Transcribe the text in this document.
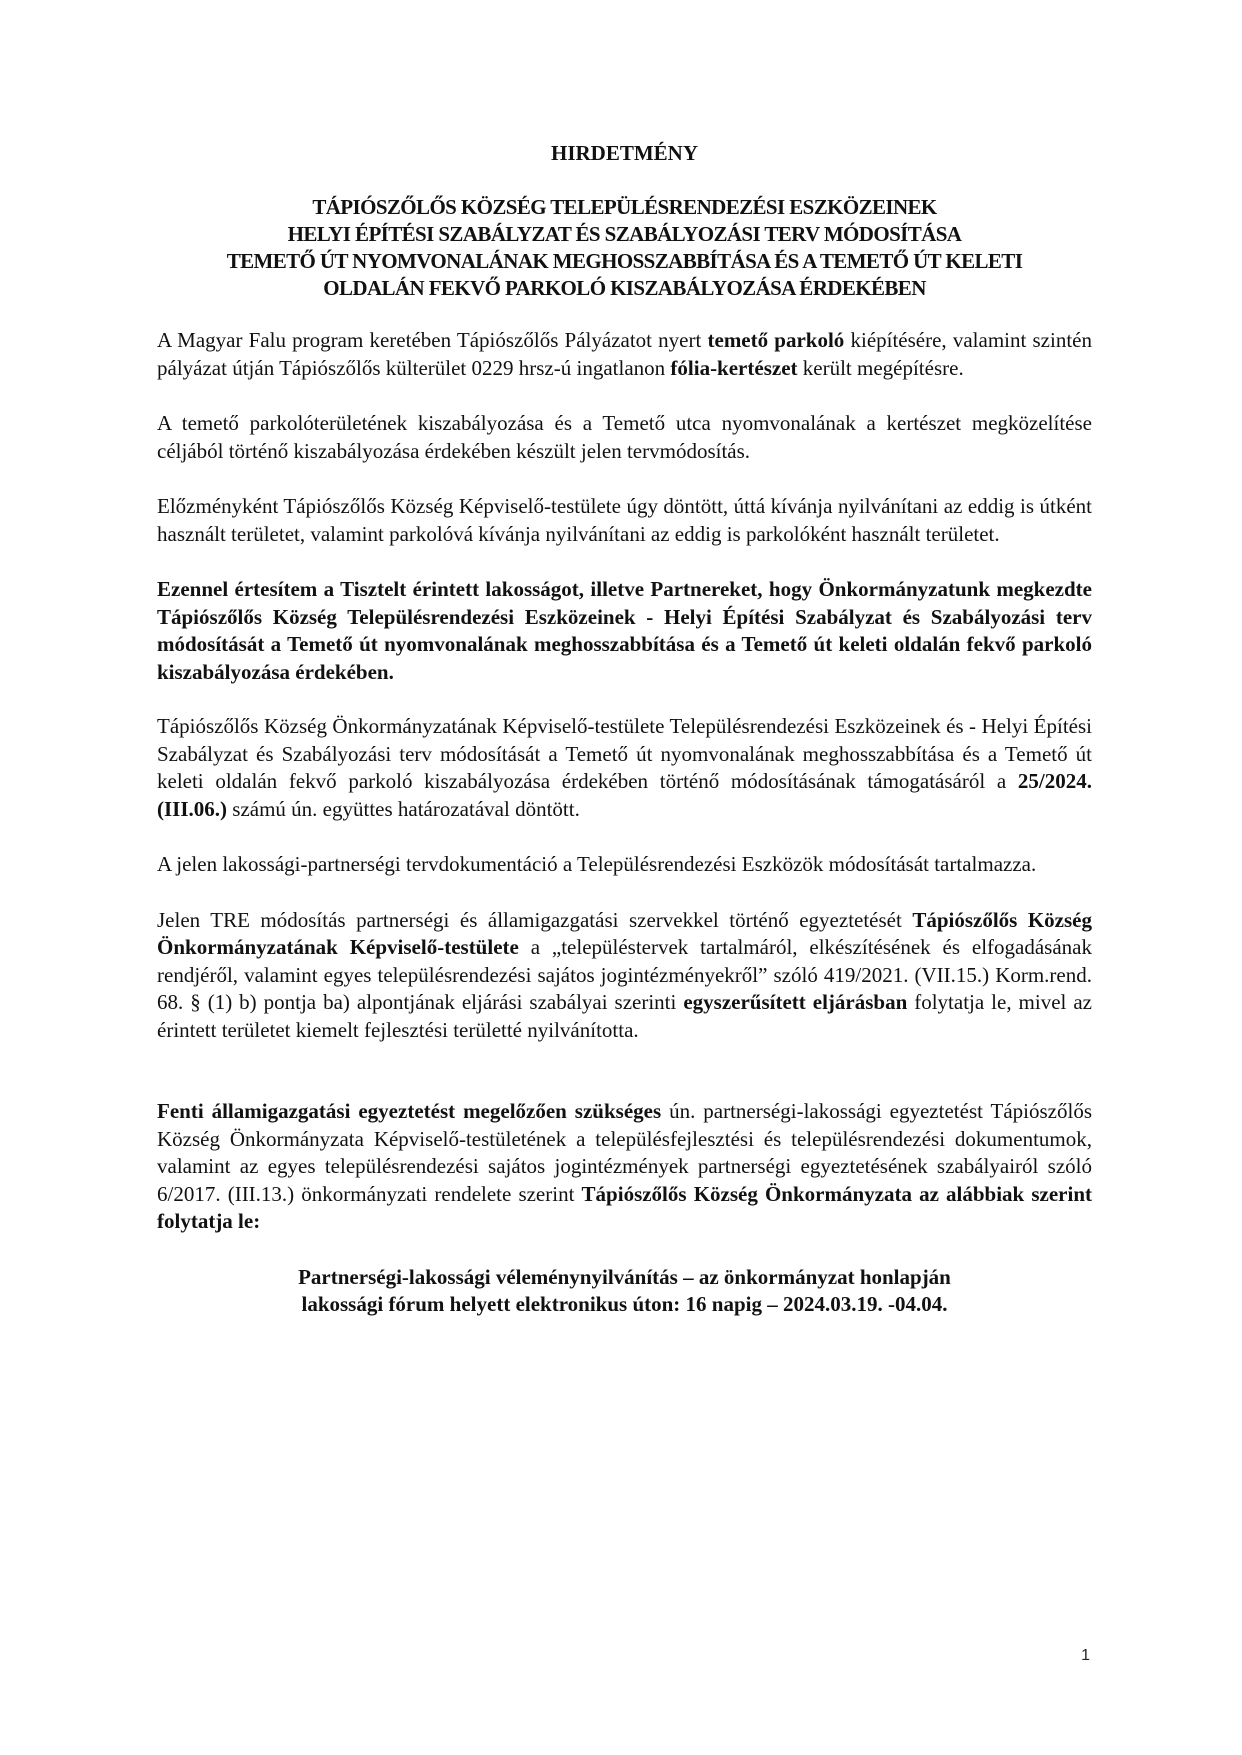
HIRDETMÉNY
TÁPIÓSZŐLŐS KÖZSÉG TELEPÜLÉSRENDEZÉSI ESZKÖZEINEK
HELYI ÉPÍTÉSI SZABÁLYZAT ÉS SZABÁLYOZÁSI TERV MÓDOSÍTÁSA
TEMETŐ ÚT NYOMVONALÁNAK MEGHOSSZABBÍTÁSA ÉS A TEMETŐ ÚT KELETI
OLDALÁN FEKVŐ PARKOLÓ KISZABÁLYOZÁSA ÉRDEKÉBEN

A Magyar Falu program keretében Tápiószőlős Pályázatot nyert temető parkoló kiépítésére, valamint szintén pályázat útján Tápiószőlős külterület 0229 hrsz-ú ingatlanon fólia-kertészet került megépítésre.

A temető parkolóterületének kiszabályozása és a Temető utca nyomvonalának a kertészet megközelítése céljából történő kiszabályozása érdekében készült jelen tervmódosítás.

Előzményként Tápiószőlős Község Képviselő-testülete úgy döntött, úttá kívánja nyilvánítani az eddig is útként használt területet, valamint parkolóvá kívánja nyilvánítani az eddig is parkolóként használt területet.

Ezennel értesítem a Tisztelt érintett lakosságot, illetve Partnereket, hogy Önkormányzatunk megkezdte Tápiószőlős Község Településrendezési Eszközeinek - Helyi Építési Szabályzat és Szabályozási terv módosítását a Temető út nyomvonalának meghosszabbítása és a Temető út keleti oldalán fekvő parkoló kiszabályozása érdekében.

Tápiószőlős Község Önkormányzatának Képviselő-testülete Településrendezési Eszközeinek és - Helyi Építési Szabályzat és Szabályozási terv módosítását a Temető út nyomvonalának meghosszabbítása és a Temető út keleti oldalán fekvő parkoló kiszabályozása érdekében történő módosításának támogatásáról a 25/2024.(III.06.) számú ún. együttes határozatával döntött.

A jelen lakossági-partnerségi tervdokumentáció a Településrendezési Eszközök módosítását tartalmazza.

Jelen TRE módosítás partnerségi és államigazgatási szervekkel történő egyeztetését Tápiószőlős Község Önkormányzatának Képviselő-testülete a „településtervek tartalmáról, elkészítésének és elfogadásának rendjéről, valamint egyes településrendezési sajátos jogintézményekről” szóló 419/2021. (VII.15.) Korm.rend. 68. § (1) b) pontja ba) alpontjának eljárási szabályai szerinti egyszerűsített eljárásban folytatja le, mivel az érintett területet kiemelt fejlesztési területté nyilvánította.

Fenti államigazgatási egyeztetést megelőzően szükséges ún. partnerségi-lakossági egyeztetést Tápiószőlős Község Önkormányzata Képviselő-testületének a településfejlesztési és településrendezési dokumentumok, valamint az egyes településrendezési sajátos jogintézmények partnerségi egyeztetésének szabályairól szóló 6/2017. (III.13.) önkormányzati rendelete szerint Tápiószőlős Község Önkormányzata az alábbiak szerint folytatja le:

Partnerségi-lakossági véleménynyilvánítás – az önkormányzat honlapján
lakossági fórum helyett elektronikus úton: 16 napig – 2024.03.19. -04.04.
1
